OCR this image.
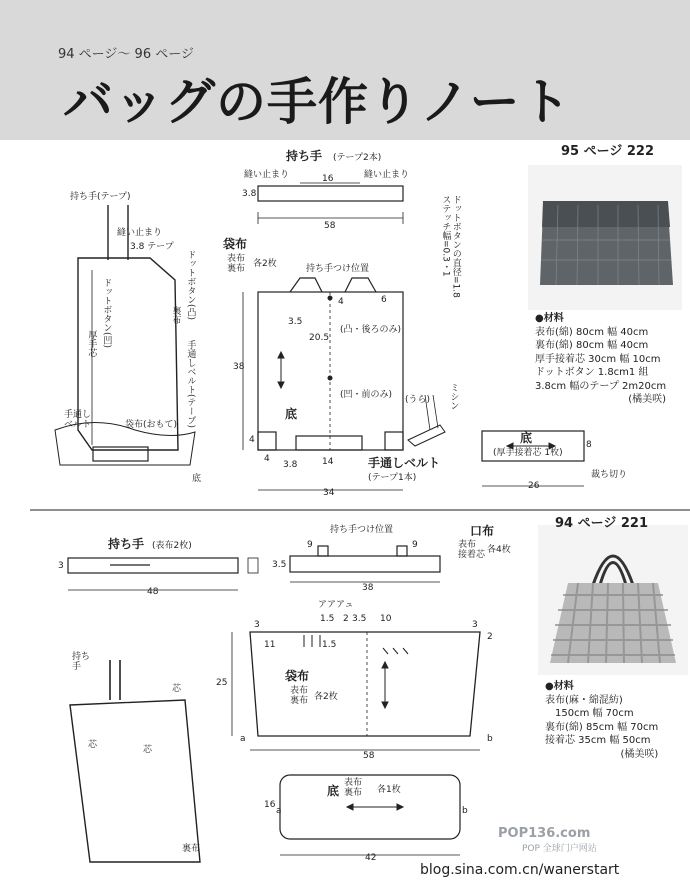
94 ページ～ 96 ページ
バッグの手作りノート
95 ページ 222
持ち手 (テープ2本)
縫い止まり	縫い止まり
16
3.8
58
持ち手(テープ)
縫い止まり
3.8 テープ
ドットボタン(凸)
裏布
手通しベルト(テープ)
ドットボタン(凹)
厚手芯
手通し
ベルト	袋布(おもて)
底
袋布
表布
裏布
各2枚	持ち手つけ位置
4	6
3.5
20.5
(凸・後ろのみ)
(凹・前のみ)
38
底
4
4
3.8	14	手通しベルト
(テープ1本)
34
ドットボタンの直径=1.8
ステッチ幅=0.3・1
ミシン
(うら)
底
(厚手接着芯 1枚)
8
26
裁ち切り
●材料
表布(綿) 80cm 幅 40cm
裏布(綿) 80cm 幅 40cm
厚手接着芯 30cm 幅 10cm
ドットボタン 1.8cm1 組
3.8cm 幅のテープ 2m20cm
(橘美咲)
94 ページ 221
持ち手 (表布2枚)
3
48
持ち手つけ位置
9	9
3.5
38
口布
表布
接着芯
各4枚
アアアュ
3
1.5 2 3.5 10
3
2
11	1.5
25	袋布
表布
裏布 各2枚
a	b
58
底
表布
裏布 各1枚
16
a	b
42
持ち
手
芯
芯	芯
裏布
●材料
表布(麻・綿混紡)
150cm 幅 70cm
裏布(綿) 85cm 幅 70cm
接着芯 35cm 幅 50cm
(橘美咲)
POP136.com
POP 全球门户网站
blog.sina.com.cn/wanerstart
